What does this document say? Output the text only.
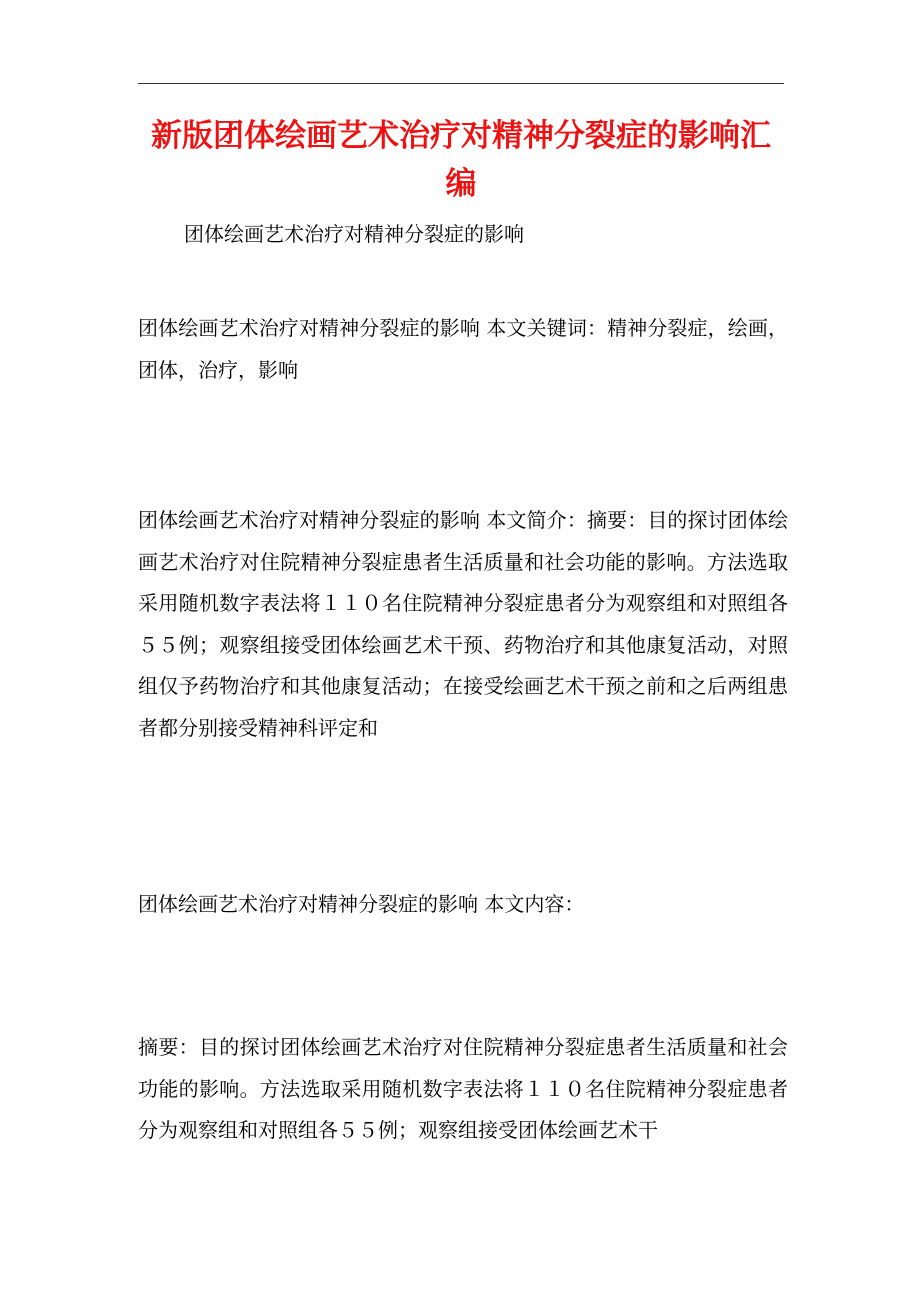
新版团体绘画艺术治疗对精神分裂症的影响汇编

团体绘画艺术治疗对精神分裂症的影响

团体绘画艺术治疗对精神分裂症的影响 本文关键词：精神分裂症，绘画，团体，治疗，影响

团体绘画艺术治疗对精神分裂症的影响 本文简介：摘要：目的探讨团体绘画艺术治疗对住院精神分裂症患者生活质量和社会功能的影响。方法选取采用随机数字表法将１１０名住院精神分裂症患者分为观察组和对照组各５５例；观察组接受团体绘画艺术干预、药物治疗和其他康复活动，对照组仅予药物治疗和其他康复活动；在接受绘画艺术干预之前和之后两组患者都分别接受精神科评定和

团体绘画艺术治疗对精神分裂症的影响 本文内容：

摘要：目的探讨团体绘画艺术治疗对住院精神分裂症患者生活质量和社会功能的影响。方法选取采用随机数字表法将１１０名住院精神分裂症患者分为观察组和对照组各５５例；观察组接受团体绘画艺术干
